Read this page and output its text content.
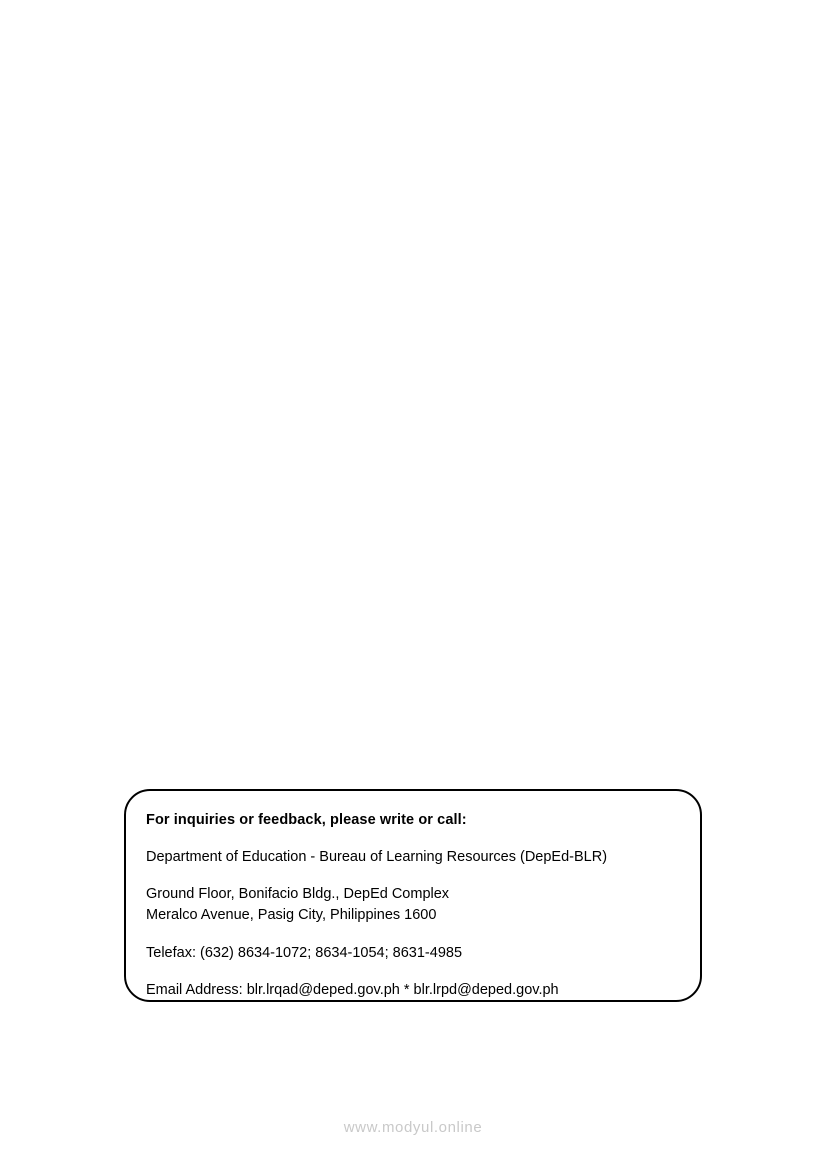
For inquiries or feedback, please write or call:

Department of Education - Bureau of Learning Resources (DepEd-BLR)
Ground Floor, Bonifacio Bldg., DepEd Complex
Meralco Avenue, Pasig City, Philippines 1600
Telefax: (632) 8634-1072; 8634-1054; 8631-4985
Email Address: blr.lrqad@deped.gov.ph * blr.lrpd@deped.gov.ph
www.modyul.online
